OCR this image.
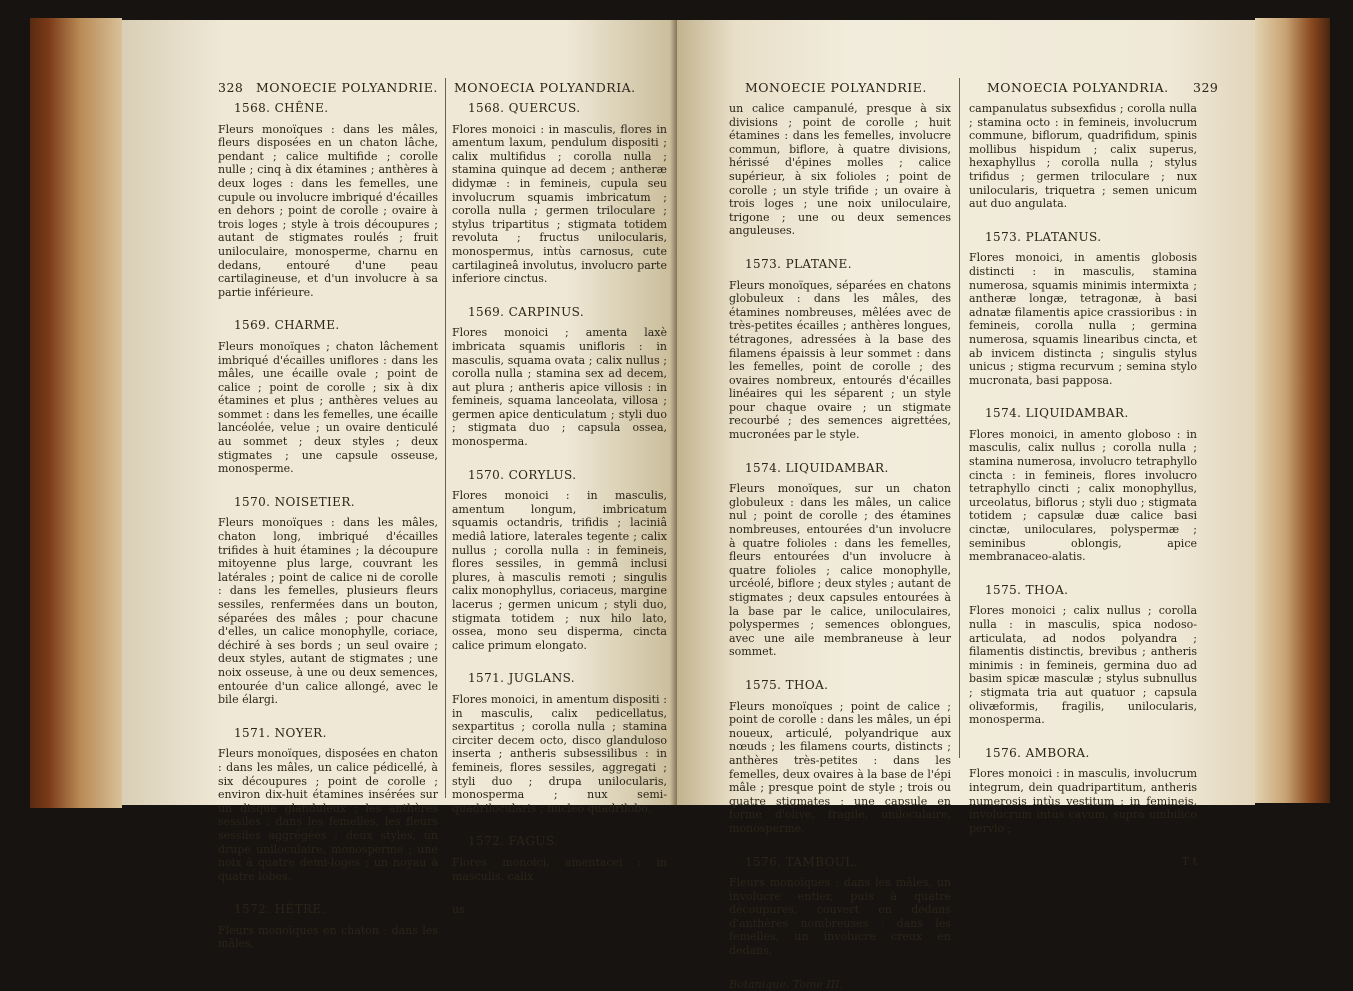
328 MONOECIE POLYANDRIE. MONOECIA POLYANDRIA.
1568. CHÊNE.

Fleurs monoïques : dans les mâles, fleurs disposées en un chaton lâche, pendant ; calice multifide ; corolle nulle ; cinq à dix étamines ; anthères à deux loges : dans les femelles, une cupule ou involucre imbriqué d'écailles en dehors ; point de corolle ; ovaire à trois loges ; style à trois découpures ; autant de stigmates roulés ; fruit uniloculaire, monosperme, charnu en dedans, entouré d'une peau cartilagineuse, et d'un involucre à sa partie inférieure.

1569. CHARME.

Fleurs monoïques ; chaton lâchement imbriqué d'écailles uniflores : dans les mâles, une écaille ovale ; point de calice ; point de corolle ; six à dix étamines et plus ; anthères velues au sommet : dans les femelles, une écaille lancéolée, velue ; un ovaire denticulé au sommet ; deux styles ; deux stigmates ; une capsule osseuse, monosperme.

1570. NOISETIER.

Fleurs monoïques : dans les mâles, chaton long, imbriqué d'écailles trifides à huit étamines ; la découpure mitoyenne plus large, couvrant les latérales ; point de calice ni de corolle : dans les femelles, plusieurs fleurs sessiles, renfermées dans un bouton, séparées des mâles ; pour chacune d'elles, un calice monophylle, coriace, déchiré à ses bords ; un seul ovaire ; deux styles, autant de stigmates ; une noix osseuse, à une ou deux semences, entourée d'un calice allongé, avec le bile élargi.

1571. NOYER.

Fleurs monoïques, disposées en chaton : dans les mâles, un calice pédicellé, à six découpures ; point de corolle ; environ dix-huit étamines insérées sur un disque glanduleux ; les anthères sessiles : dans les femelles, les fleurs sessiles aggrégées ; deux styles, un drupe uniloculaire, monosperme ; une noix à quatre demi-loges ; un noyau à quatre lobes.

1572. HÊTRE.

Fleurs monoïques en chaton : dans les mâles,

1568. QUERCUS.

Flores monoici : in masculis, flores in amentum laxum, pendulum dispositi ; calix multifidus ; corolla nulla ; stamina quinque ad decem ; antheræ didymæ : in femineis, cupula seu involucrum squamis imbricatum ; corolla nulla ; germen triloculare ; stylus tripartitus ; stigmata totidem revoluta ; fructus unilocularis, monospermus, intùs carnosus, cute cartilagineâ involutus, involucro parte inferiore cinctus.

1569. CARPINUS.

Flores monoici ; amenta laxè imbricata squamis unifloris : in masculis, squama ovata ; calix nullus ; corolla nulla ; stamina sex ad decem, aut plura ; antheris apice villosis : in femineis, squama lanceolata, villosa ; germen apice denticulatum ; styli duo ; stigmata duo ; capsula ossea, monosperma.

1570. CORYLUS.

Flores monoici : in masculis, amentum longum, imbricatum squamis octandris, trifidis ; laciniâ mediâ latiore, laterales tegente ; calix nullus ; corolla nulla : in femineis, flores sessiles, in gemmâ inclusi plures, à masculis remoti ; singulis calix monophyllus, coriaceus, margine lacerus ; germen unicum ; styli duo, stigmata totidem ; nux hilo lato, ossea, mono seu disperma, cincta calice primum elongato.

1571. JUGLANS.

Flores monoici, in amentum dispositi : in masculis, calix pedicellatus, sexpartitus ; corolla nulla ; stamina circiter decem octo, disco glanduloso inserta ; antheris subsessilibus : in femineis, flores sessiles, aggregati ; styli duo ; drupa unilocularis, monosperma ; nux semi-quadrilocularis ; nucleo quadrilobo.

1572. FAGUS.

Flores monoici, amentacei : in masculis, calix

us

MONOECIE POLYANDRIE.	MONOECIA POLYANDRIA. 329

un calice campanulé, presque à six divisions ; point de corolle ; huit étamines : dans les femelles, involucre commun, biflore, à quatre divisions, hérissé d'épines molles ; calice supérieur, à six folioles ; point de corolle ; un style trifide ; un ovaire à trois loges ; une noix uniloculaire, trigone ; une ou deux semences anguleuses.

1573. PLATANE.

Fleurs monoïques, séparées en chatons globuleux : dans les mâles, des étamines nombreuses, mêlées avec de très-petites écailles ; anthères longues, tétragones, adressées à la base des filamens épaissis à leur sommet : dans les femelles, point de corolle ; des ovaires nombreux, entourés d'écailles linéaires qui les séparent ; un style pour chaque ovaire ; un stigmate recourbé ; des semences aigrettées, mucronées par le style.

1574. LIQUIDAMBAR.

Fleurs monoïques, sur un chaton globuleux : dans les mâles, un calice nul ; point de corolle ; des étamines nombreuses, entourées d'un involucre à quatre folioles : dans les femelles, fleurs entourées d'un involucre à quatre folioles ; calice monophylle, urcéolé, biflore ; deux styles ; autant de stigmates ; deux capsules entourées à la base par le calice, uniloculaires, polyspermes ; semences oblongues, avec une aile membraneuse à leur sommet.

1575. THOA.

Fleurs monoïques ; point de calice ; point de corolle : dans les mâles, un épi noueux, articulé, polyandrique aux nœuds ; les filamens courts, distincts ; anthères très-petites : dans les femelles, deux ovaires à la base de l'épi mâle ; presque point de style ; trois ou quatre stigmates ; une capsule en forme d'olive, fragile, uniloculaire, monosperme.

1576. TAMBOUL.

Fleurs monoïques : dans les mâles, un involucre entier, puis à quatre découpures, couvert en dedans d'anthères nombreuses : dans les femelles, un involucre creux en dedans,

Botanique. Tome III.

campanulatus subsexfidus ; corolla nulla ; stamina octo : in femineis, involucrum commune, biflorum, quadrifidum, spinis mollibus hispidum ; calix superus, hexaphyllus ; corolla nulla ; stylus trifidus ; germen triloculare ; nux unilocularis, triquetra ; semen unicum aut duo angulata.

1573. PLATANUS.

Flores monoici, in amentis globosis distincti : in masculis, stamina numerosa, squamis minimis intermixta ; antheræ longæ, tetragonæ, à basi adnatæ filamentis apice crassioribus : in femineis, corolla nulla ; germina numerosa, squamis linearibus cincta, et ab invicem distincta ; singulis stylus unicus ; stigma recurvum ; semina stylo mucronata, basi papposa.

1574. LIQUIDAMBAR.

Flores monoici, in amento globoso : in masculis, calix nullus ; corolla nulla ; stamina numerosa, involucro tetraphyllo cincta : in femineis, flores involucro tetraphyllo cincti ; calix monophyllus, urceolatus, biflorus ; styli duo ; stigmata totidem ; capsulæ duæ calice basi cinctæ, uniloculares, polyspermæ ; seminibus oblongis, apice membranaceo-alatis.

1575. THOA.

Flores monoici ; calix nullus ; corolla nulla : in masculis, spica nodoso-articulata, ad nodos polyandra ; filamentis distinctis, brevibus ; antheris minimis : in femineis, germina duo ad basim spicæ masculæ ; stylus subnullus ; stigmata tria aut quatuor ; capsula olivæformis, fragilis, unilocularis, monosperma.

1576. AMBORA.

Flores monoici : in masculis, involucrum integrum, dein quadripartitum, antheris numerosis intùs vestitum : in femineis, involucrum intùs cavum, suprà umbilico pervio ;

T t
